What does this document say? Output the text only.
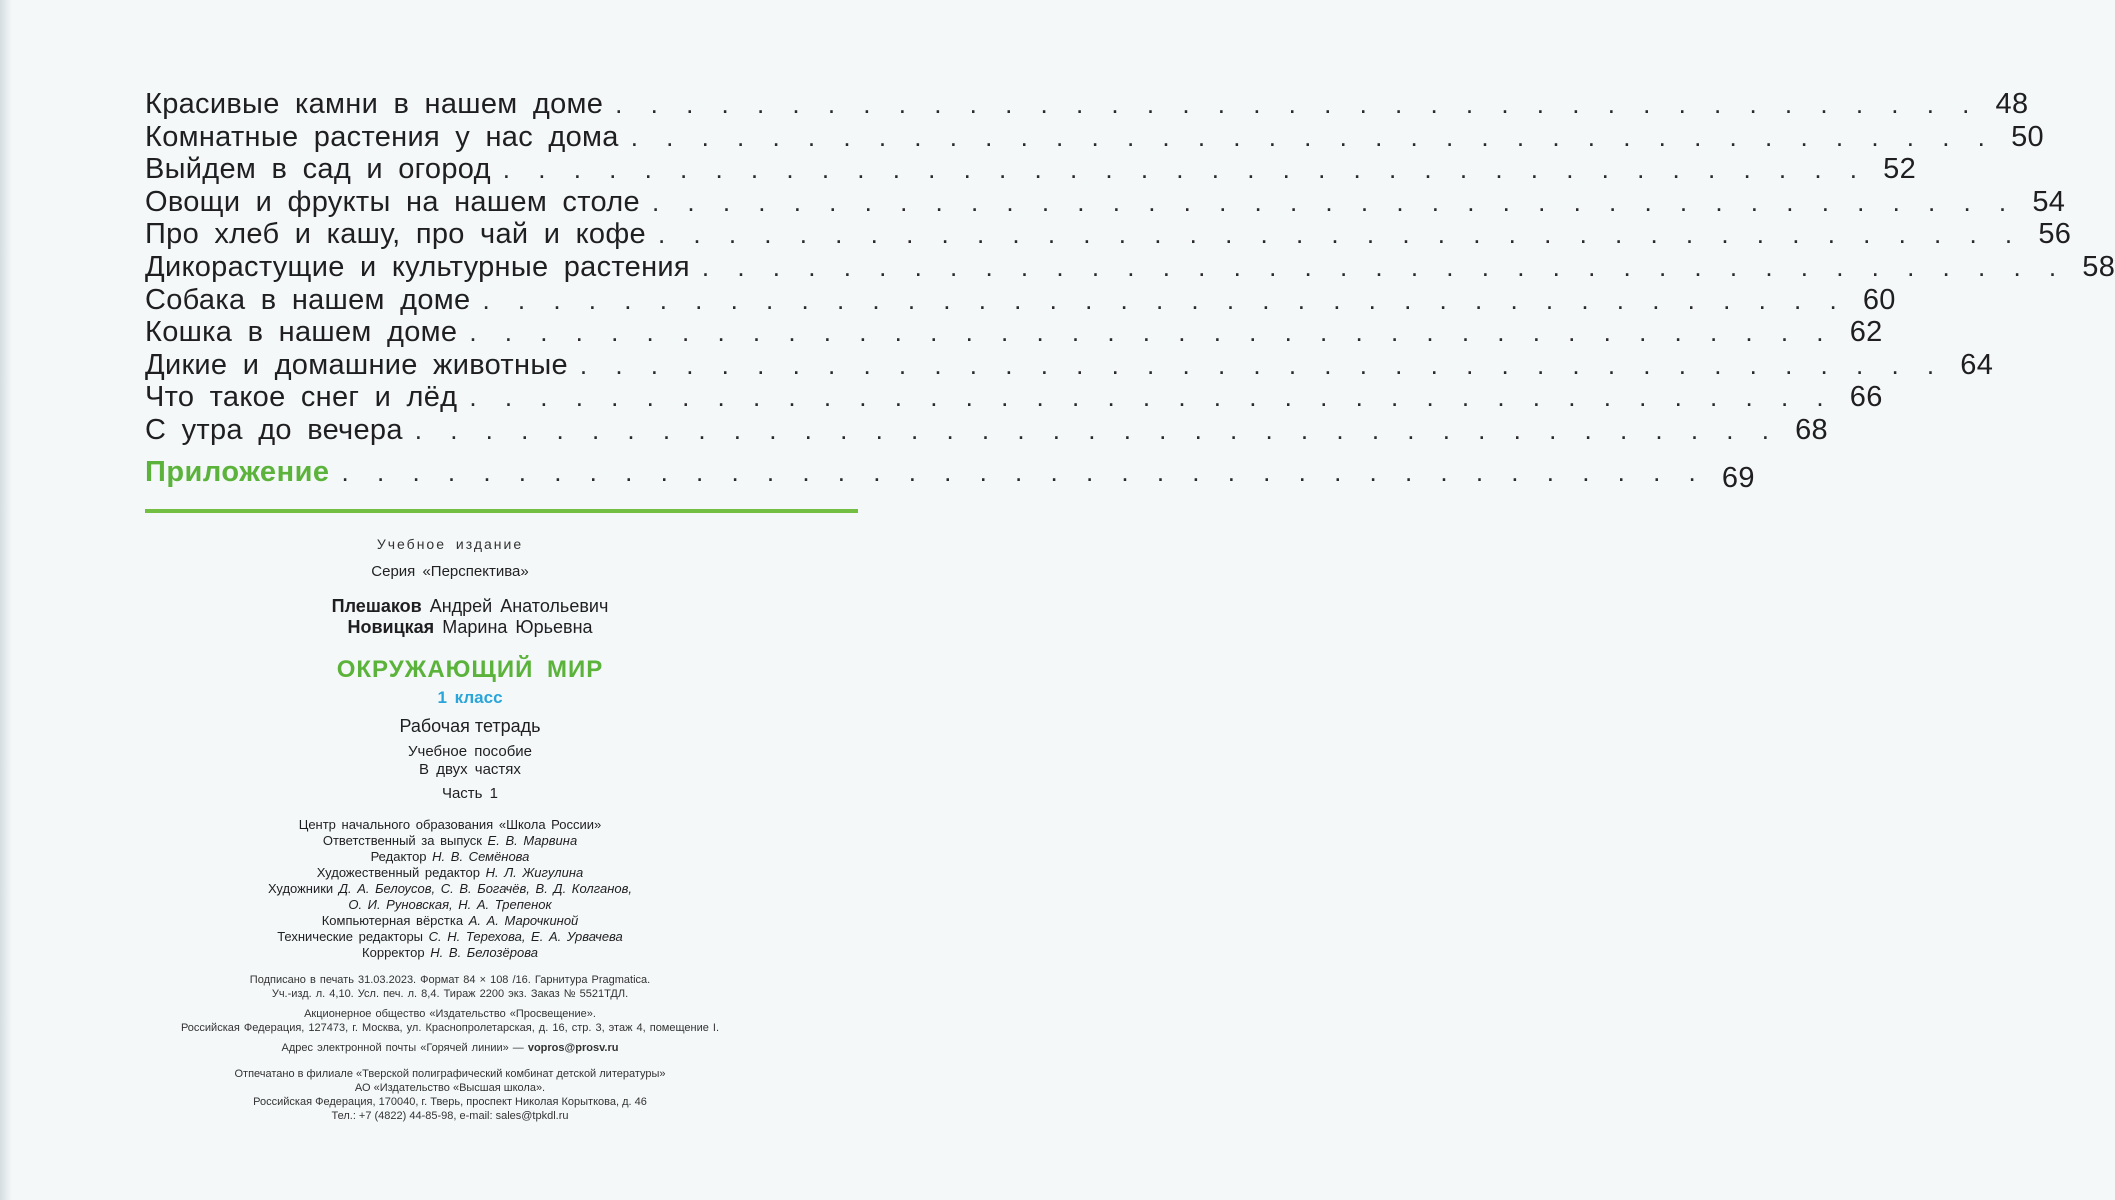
Красивые камни в нашем доме . . . . . . . . . . . . . . . . . . . . . . . . . . . . . . . . . . . . . . . 48
Комнатные растения у нас дома . . . . . . . . . . . . . . . . . . . . . . . . . . . . . . . . . . . . . . . 50
Выйдем в сад и огород . . . . . . . . . . . . . . . . . . . . . . . . . . . . . . . . . . . . . . . 52
Овощи и фрукты на нашем столе . . . . . . . . . . . . . . . . . . . . . . . . . . . . . . . . . . . . . . . 54
Про хлеб и кашу, про чай и кофе . . . . . . . . . . . . . . . . . . . . . . . . . . . . . . . . . . . . . . . 56
Дикорастущие и культурные растения . . . . . . . . . . . . . . . . . . . . . . . . . . . . . . . . . . . . . . . 58
Собака в нашем доме . . . . . . . . . . . . . . . . . . . . . . . . . . . . . . . . . . . . . . . 60
Кошка в нашем доме . . . . . . . . . . . . . . . . . . . . . . . . . . . . . . . . . . . . . . . 62
Дикие и домашние животные . . . . . . . . . . . . . . . . . . . . . . . . . . . . . . . . . . . . . . . 64
Что такое снег и лёд . . . . . . . . . . . . . . . . . . . . . . . . . . . . . . . . . . . . . . . 66
С утра до вечера . . . . . . . . . . . . . . . . . . . . . . . . . . . . . . . . . . . . . . . 68
Приложение . . . . . . . . . . . . . . . . . . . . . . . . . . . . . . . . . . . . . . . 69
Учебное издание
Серия «Перспектива»
Плешаков Андрей Анатольевич
Новицкая Марина Юрьевна
ОКРУЖАЮЩИЙ МИР
1 класс
Рабочая тетрадь
Учебное пособие
В двух частях
Часть 1
Центр начального образования «Школа России»
Ответственный за выпуск Е. В. Марвина
Редактор Н. В. Семёнова
Художественный редактор Н. Л. Жигулина
Художники Д. А. Белоусов, С. В. Богачёв, В. Д. Колганов,
О. И. Руновская, Н. А. Трепенок
Компьютерная вёрстка А. А. Марочкиной
Технические редакторы С. Н. Терехова, Е. А. Урвачева
Корректор Н. В. Белозёрова
Подписано в печать 31.03.2023. Формат 84 × 108 /16. Гарнитура Pragmatica.
Уч.-изд. л. 4,10. Усл. печ. л. 8,4. Тираж 2200 экз. Заказ № 5521ТДЛ.
Акционерное общество «Издательство «Просвещение».
Российская Федерация, 127473, г. Москва, ул. Краснопролетарская, д. 16, стр. 3, этаж 4, помещение I.
Адрес электронной почты «Горячей линии» — vopros@prosv.ru
Отпечатано в филиале «Тверской полиграфический комбинат детской литературы»
АО «Издательство «Высшая школа».
Российская Федерация, 170040, г. Тверь, проспект Николая Корыткова, д. 46
Тел.: +7 (4822) 44-85-98, e-mail: sales@tpkdl.ru
